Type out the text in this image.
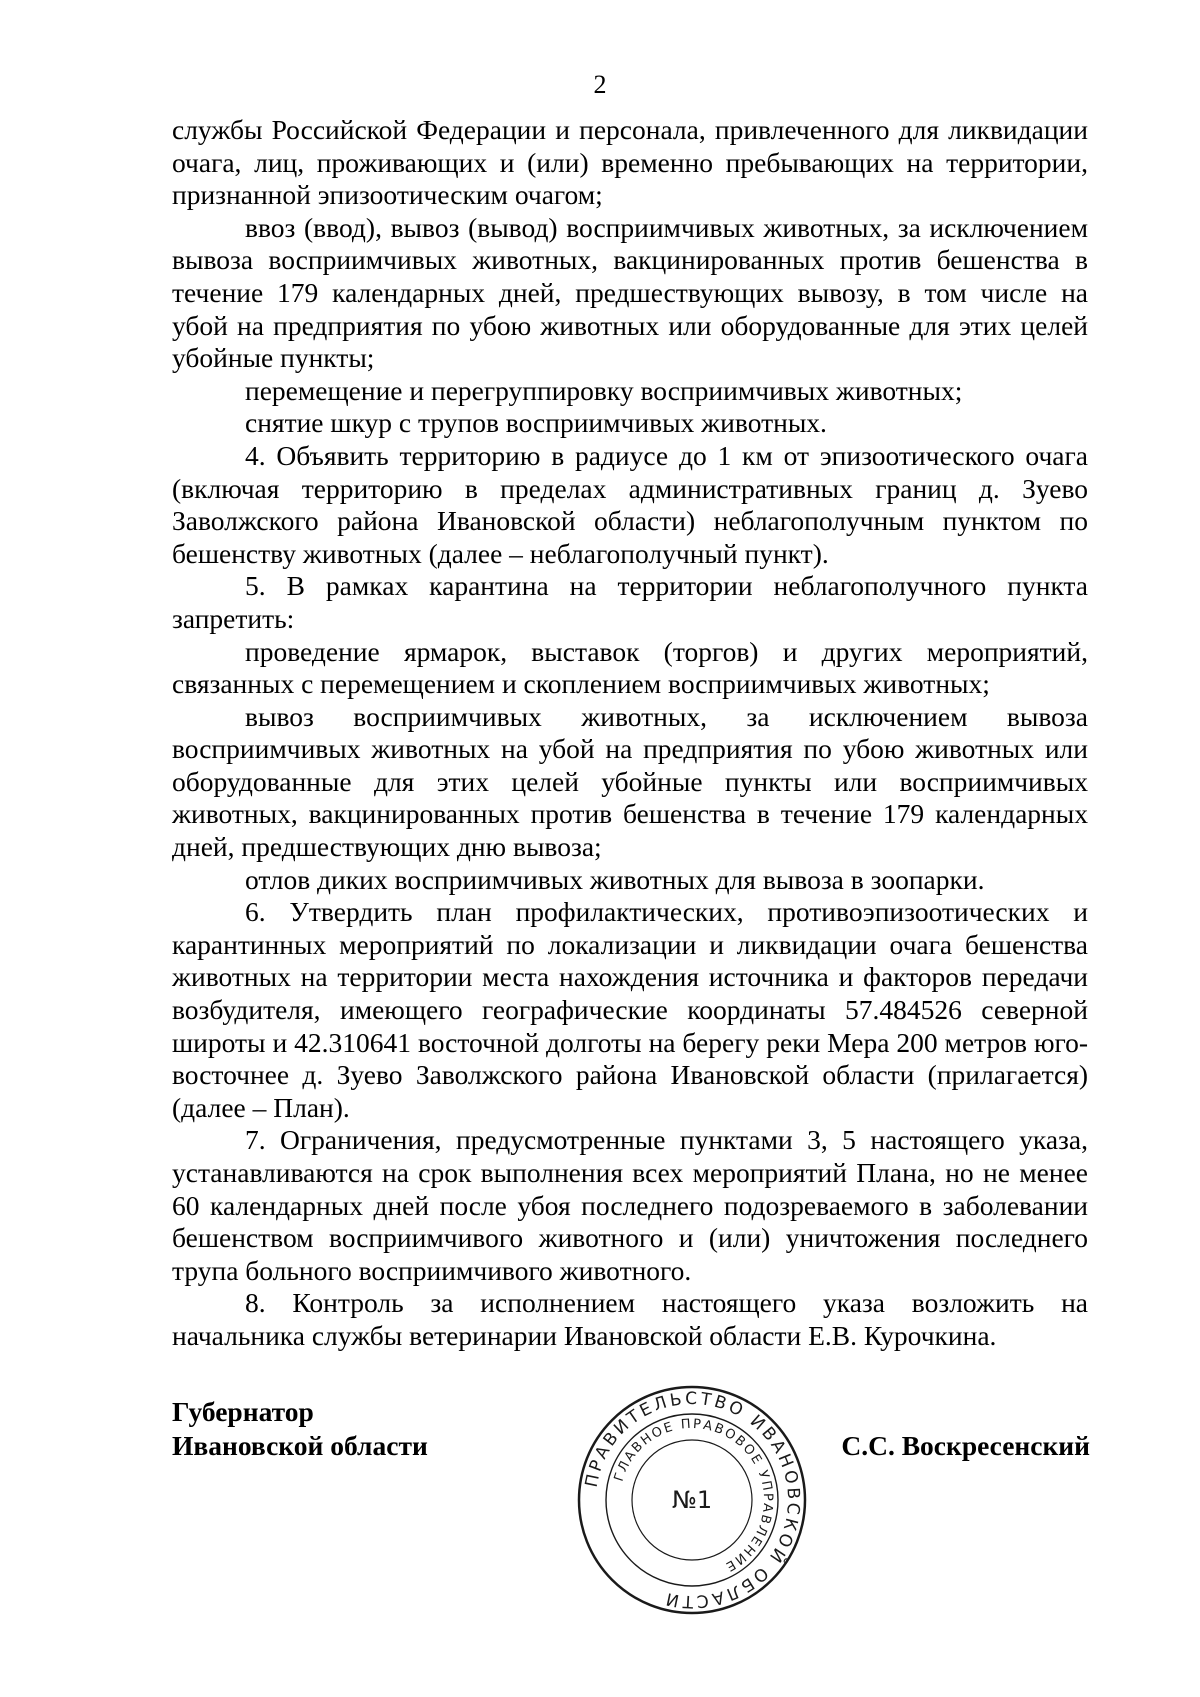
2

службы Российской Федерации и персонала, привлеченного для ликвидации очага, лиц, проживающих и (или) временно пребывающих на территории, признанной эпизоотическим очагом;

ввоз (ввод), вывоз (вывод) восприимчивых животных, за исключением вывоза восприимчивых животных, вакцинированных против бешенства в течение 179 календарных дней, предшествующих вывозу, в том числе на убой на предприятия по убою животных или оборудованные для этих целей убойные пункты;

перемещение и перегруппировку восприимчивых животных;

снятие шкур с трупов восприимчивых животных.

4. Объявить территорию в радиусе до 1 км от эпизоотического очага (включая территорию в пределах административных границ д. Зуево Заволжского района Ивановской области) неблагополучным пунктом по бешенству животных (далее – неблагополучный пункт).

5. В рамках карантина на территории неблагополучного пункта запретить:

проведение ярмарок, выставок (торгов) и других мероприятий, связанных с перемещением и скоплением восприимчивых животных;

вывоз восприимчивых животных, за исключением вывоза восприимчивых животных на убой на предприятия по убою животных или оборудованные для этих целей убойные пункты или восприимчивых животных, вакцинированных против бешенства в течение 179 календарных дней, предшествующих дню вывоза;

отлов диких восприимчивых животных для вывоза в зоопарки.

6. Утвердить план профилактических, противоэпизоотических и карантинных мероприятий по локализации и ликвидации очага бешенства животных на территории места нахождения источника и факторов передачи возбудителя, имеющего географические координаты 57.484526 северной широты и 42.310641 восточной долготы на берегу реки Мера 200 метров юго-восточнее д. Зуево Заволжского района Ивановской области (прилагается) (далее – План).

7. Ограничения, предусмотренные пунктами 3, 5 настоящего указа, устанавливаются на срок выполнения всех мероприятий Плана, но не менее 60 календарных дней после убоя последнего подозреваемого в заболевании бешенством восприимчивого животного и (или) уничтожения последнего трупа больного восприимчивого животного.

8. Контроль за исполнением настоящего указа возложить на начальника службы ветеринарии Ивановской области Е.В. Курочкина.

Губернатор
Ивановской области	С.С. Воскресенский
ПРАВИТЕЛЬСТВО ИВАНОВСКОЙ ОБЛАСТИ
ГЛАВНОЕ ПРАВОВОЕ УПРАВЛЕНИЕ
№1
